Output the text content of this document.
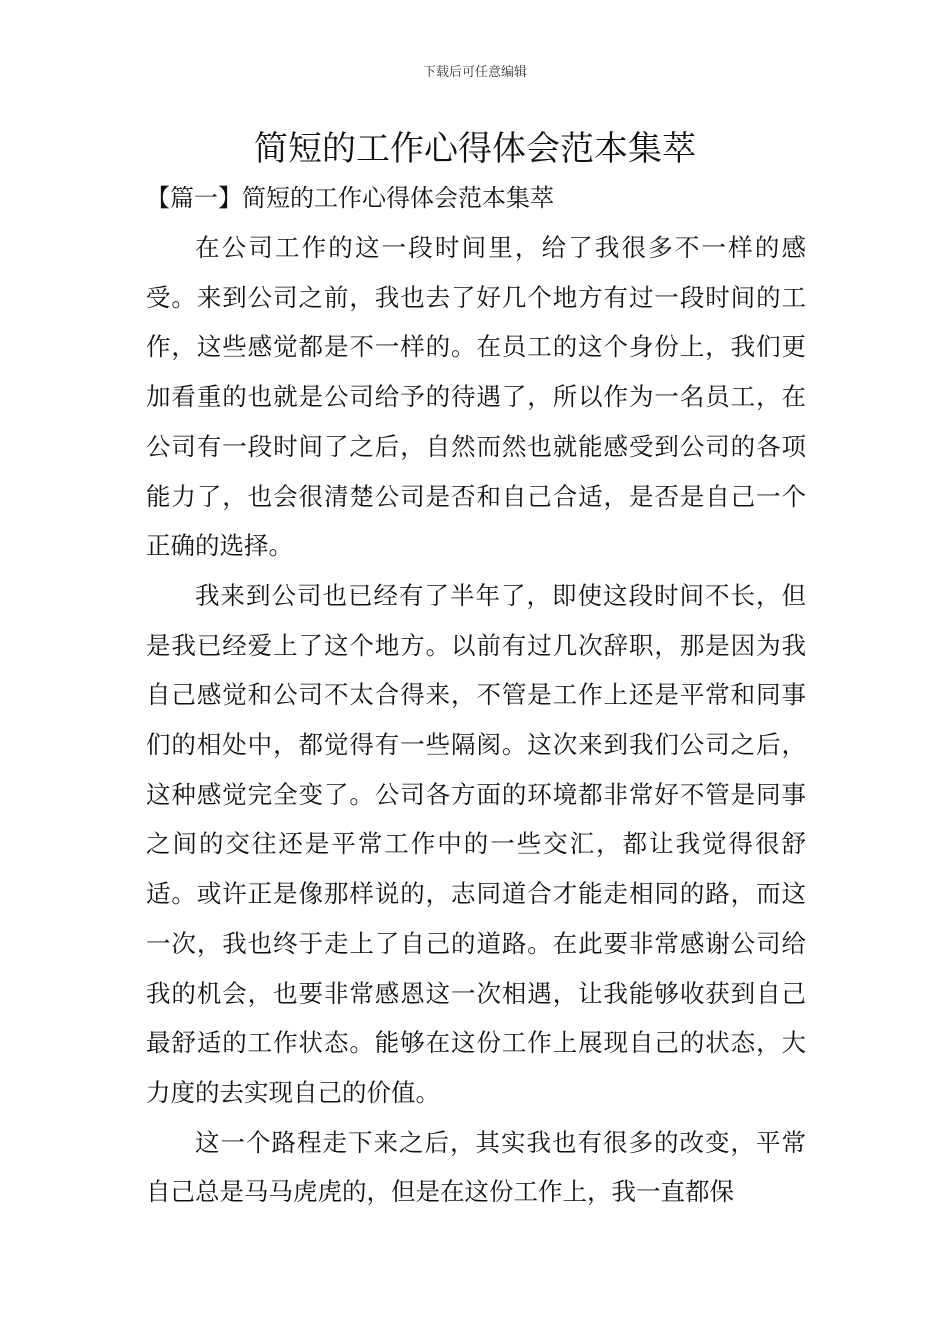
下载后可任意编辑
简短的工作心得体会范本集萃
【篇一】简短的工作心得体会范本集萃

在公司工作的这一段时间里，给了我很多不一样的感受。来到公司之前，我也去了好几个地方有过一段时间的工作，这些感觉都是不一样的。在员工的这个身份上，我们更加看重的也就是公司给予的待遇了，所以作为一名员工，在公司有一段时间了之后，自然而然也就能感受到公司的各项能力了，也会很清楚公司是否和自己合适，是否是自己一个正确的选择。

我来到公司也已经有了半年了，即使这段时间不长，但是我已经爱上了这个地方。以前有过几次辞职，那是因为我自己感觉和公司不太合得来，不管是工作上还是平常和同事们的相处中，都觉得有一些隔阂。这次来到我们公司之后，这种感觉完全变了。公司各方面的环境都非常好不管是同事之间的交往还是平常工作中的一些交汇，都让我觉得很舒适。或许正是像那样说的，志同道合才能走相同的路，而这一次，我也终于走上了自己的道路。在此要非常感谢公司给我的机会，也要非常感恩这一次相遇，让我能够收获到自己最舒适的工作状态。能够在这份工作上展现自己的状态，大力度的去实现自己的价值。

这一个路程走下来之后，其实我也有很多的改变，平常自己总是马马虎虎的，但是在这份工作上，我一直都保
